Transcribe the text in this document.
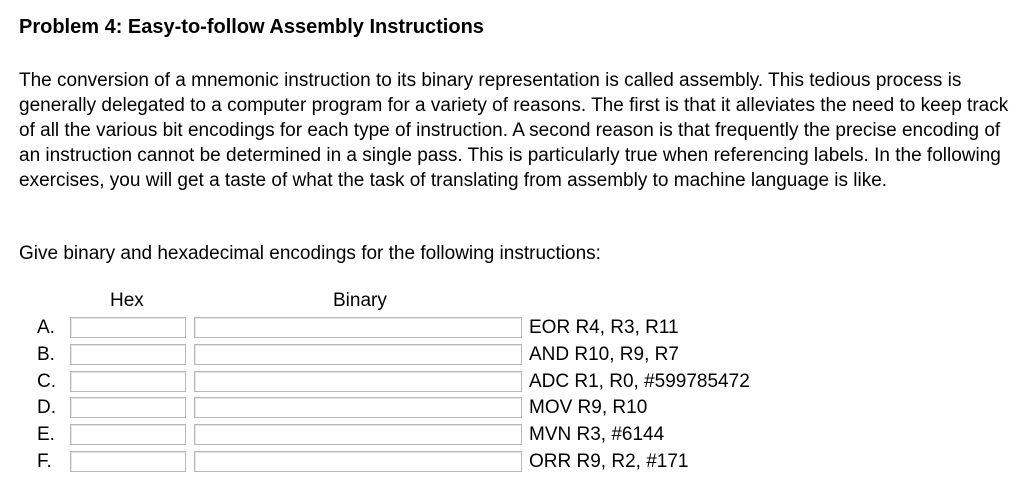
Problem 4: Easy-to-follow Assembly Instructions

The conversion of a mnemonic instruction to its binary representation is called assembly. This tedious process is generally delegated to a computer program for a variety of reasons. The first is that it alleviates the need to keep track of all the various bit encodings for each type of instruction. A second reason is that frequently the precise encoding of an instruction cannot be determined in a single pass. This is particularly true when referencing labels. In the following exercises, you will get a taste of what the task of translating from assembly to machine language is like.

Give binary and hexadecimal encodings for the following instructions:
Hex	Binary
A.	EOR R4, R3, R11
B.	AND R10, R9, R7
C.	ADC R1, R0, #599785472
D.	MOV R9, R10
E.	MVN R3, #6144
F.	ORR R9, R2, #171
